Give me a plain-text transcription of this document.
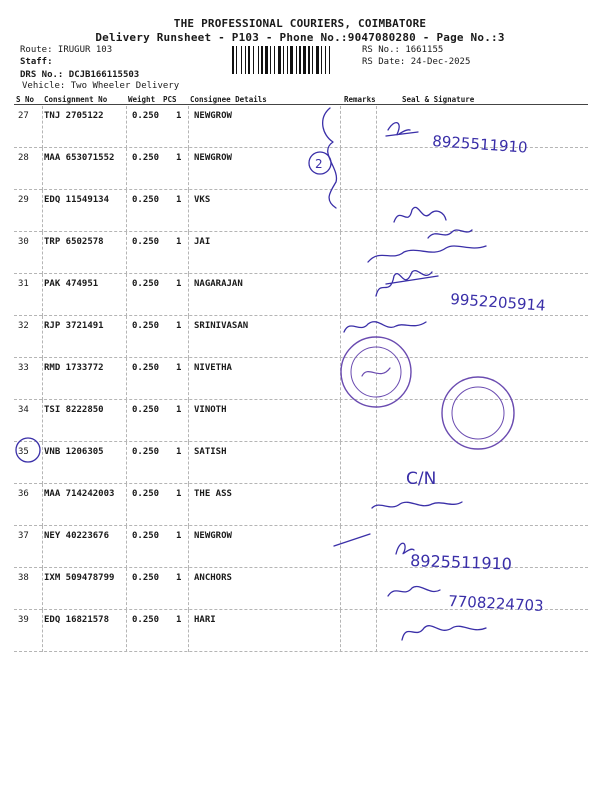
THE PROFESSIONAL COURIERS, COIMBATORE
Delivery Runsheet - P103 - Phone No.:9047080280 - Page No.:3
Route: IRUGUR 103
Staff:
DRS No.: DCJB166115503
Vehicle: Two Wheeler Delivery
RS No.: 1661155
RS Date: 24-Dec-2025
S No Consignment No	Weight PCS Consignee Details	Remarks	Seal & Signature
27 TNJ 2705122	0.250 1 NEWGROW
28 MAA 653071552 0.250 1 NEWGROW
29 EDQ 11549134	0.250 1 VKS
30 TRP 6502578	0.250 1 JAI
31 PAK 474951	0.250 1 NAGARAJAN
32 RJP 3721491	0.250 1 SRINIVASAN
33 RMD 1733772	0.250 1 NIVETHA
34 TSI 8222850	0.250 1 VINOTH
35 VNB 1206305	0.250 1 SATISH
36 MAA 714242003 0.250 1 THE ASS
37 NEY 40223676	0.250 1 NEWGROW
38 IXM 509478799 0.250 1 ANCHORS
39 EDQ 16821578	0.250 1 HARI
2
8925511910
9952205914
C/N
8925511910
7708224703
